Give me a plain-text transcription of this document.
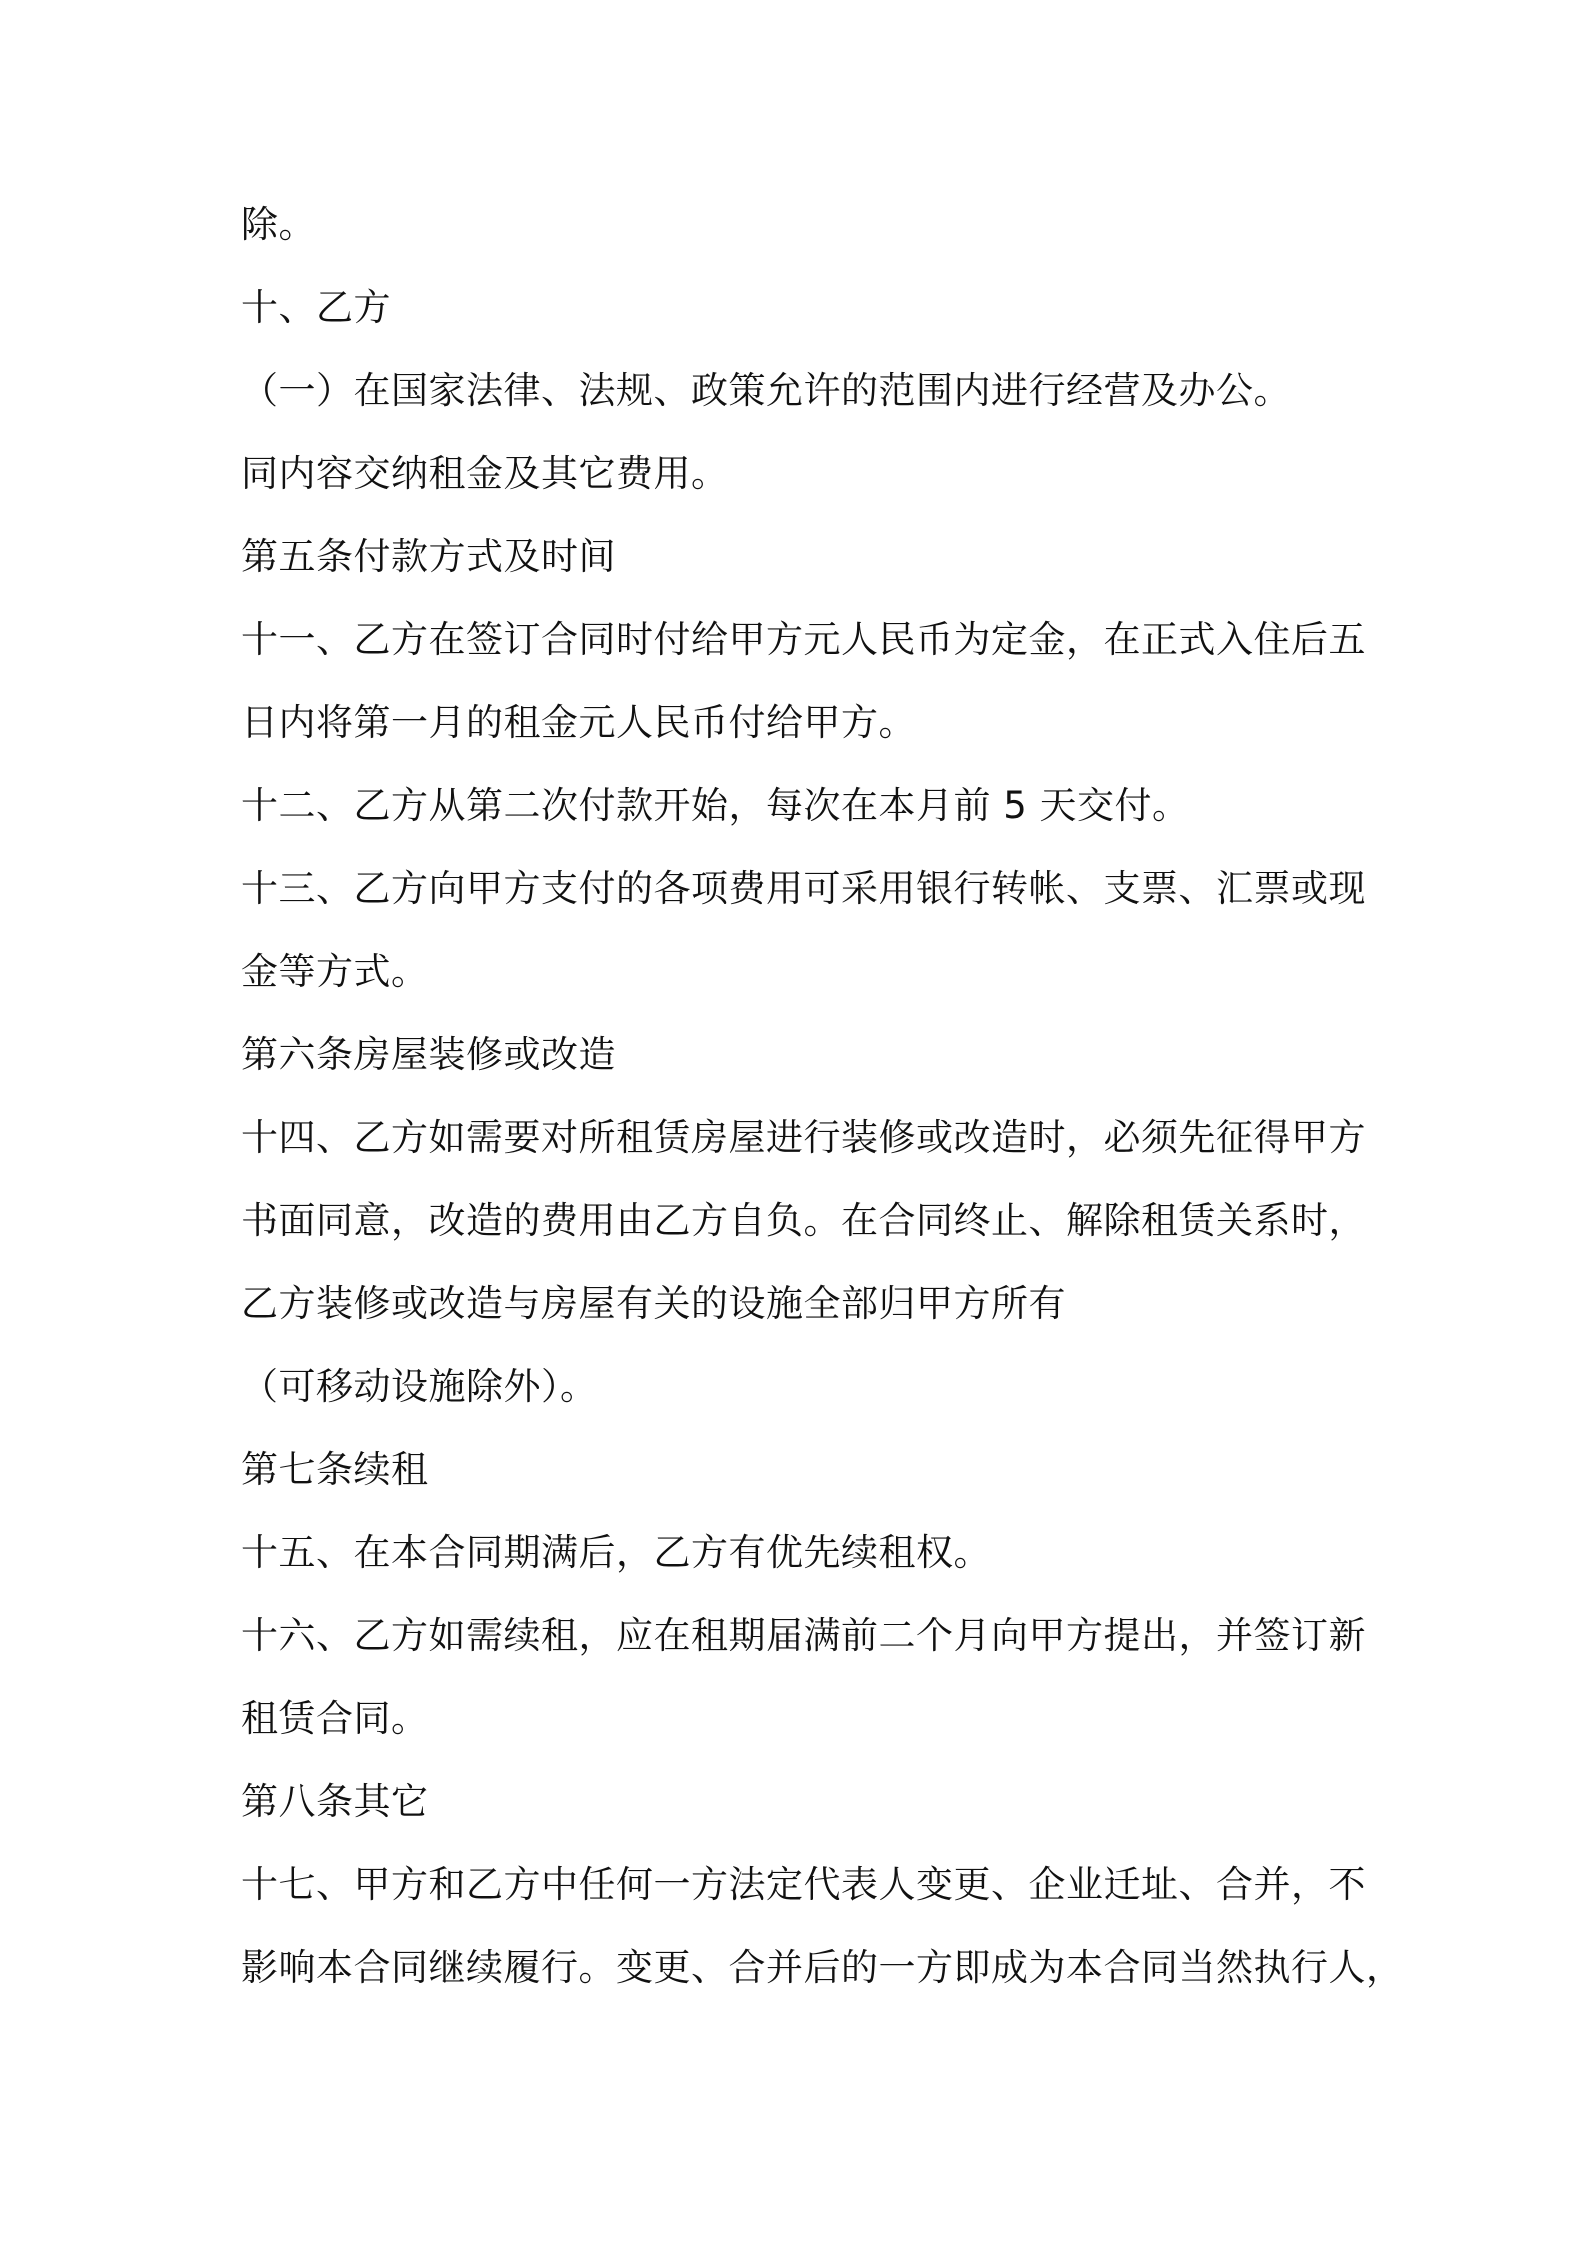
除。
十、乙方
（一）在国家法律、法规、政策允许的范围内进行经营及办公。
同内容交纳租金及其它费用。
第五条付款方式及时间
十一、乙方在签订合同时付给甲方元人民币为定金，在正式入住后五
日内将第一月的租金元人民币付给甲方。
十二、乙方从第二次付款开始，每次在本月前 5 天交付。
十三、乙方向甲方支付的各项费用可采用银行转帐、支票、汇票或现
金等方式。
第六条房屋装修或改造
十四、乙方如需要对所租赁房屋进行装修或改造时，必须先征得甲方
书面同意，改造的费用由乙方自负。在合同终止、解除租赁关系时，
乙方装修或改造与房屋有关的设施全部归甲方所有
（可移动设施除外）。
第七条续租
十五、在本合同期满后，乙方有优先续租权。
十六、乙方如需续租，应在租期届满前二个月向甲方提出，并签订新
租赁合同。
第八条其它
十七、甲方和乙方中任何一方法定代表人变更、企业迁址、合并，不
影响本合同继续履行。变更、合并后的一方即成为本合同当然执行人，
